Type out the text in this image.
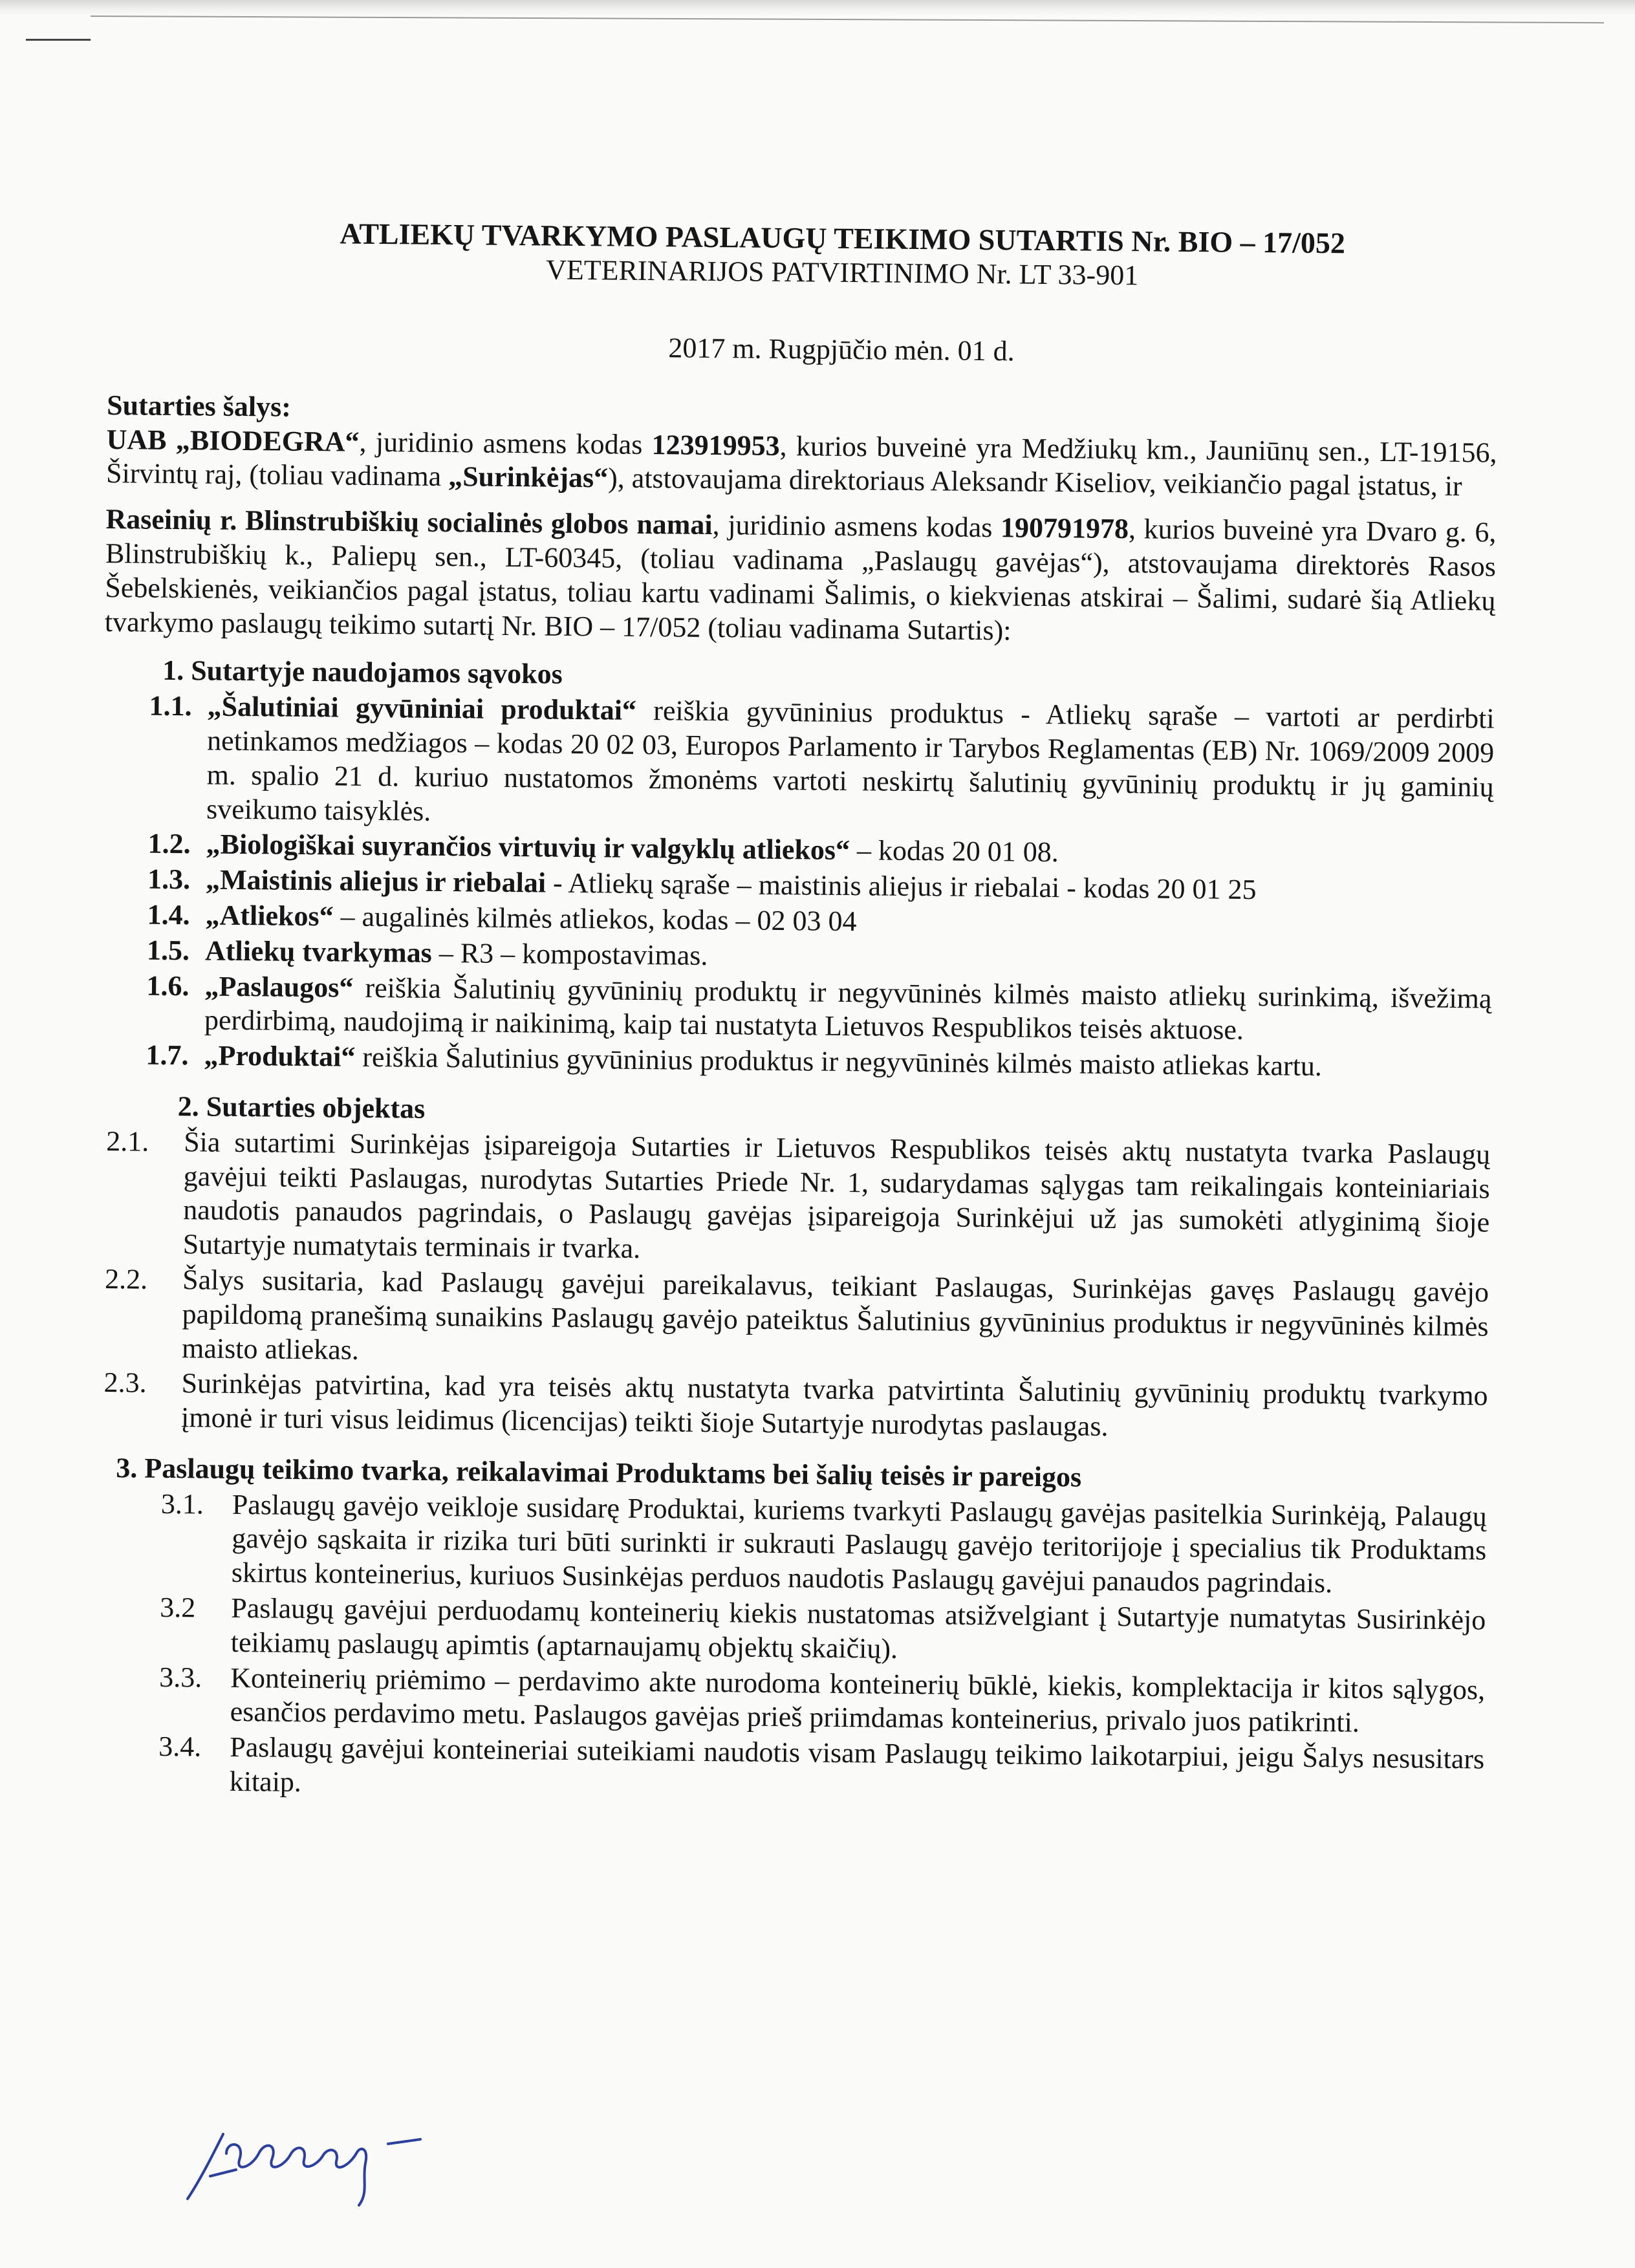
ATLIEKŲ TVARKYMO PASLAUGŲ TEIKIMO SUTARTIS Nr. BIO – 17/052
VETERINARIJOS PATVIRTINIMO Nr. LT 33-901
2017 m. Rugpjūčio mėn. 01 d.
Sutarties šalys:

UAB „BIODEGRA“, juridinio asmens kodas 123919953, kurios buveinė yra Medžiukų km., Jauniūnų sen., LT-19156, Širvintų raj, (toliau vadinama „Surinkėjas“), atstovaujama direktoriaus Aleksandr Kiseliov, veikiančio pagal įstatus, ir

Raseinių r. Blinstrubiškių socialinės globos namai, juridinio asmens kodas 190791978, kurios buveinė yra Dvaro g. 6, Blinstrubiškių k., Paliepų sen., LT-60345, (toliau vadinama „Paslaugų gavėjas“), atstovaujama direktorės Rasos Šebelskienės, veikiančios pagal įstatus, toliau kartu vadinami Šalimis, o kiekvienas atskirai – Šalimi, sudarė šią Atliekų tvarkymo paslaugų teikimo sutartį Nr. BIO – 17/052 (toliau vadinama Sutartis):

1. Sutartyje naudojamos sąvokos
1.1. „Šalutiniai gyvūniniai produktai“ reiškia gyvūninius produktus - Atliekų sąraše – vartoti ar perdirbti netinkamos medžiagos – kodas 20 02 03, Europos Parlamento ir Tarybos Reglamentas (EB) Nr. 1069/2009 2009 m. spalio 21 d. kuriuo nustatomos žmonėms vartoti neskirtų šalutinių gyvūninių produktų ir jų gaminių sveikumo taisyklės.
1.2. „Biologiškai suyrančios virtuvių ir valgyklų atliekos“ – kodas 20 01 08.
1.3. „Maistinis aliejus ir riebalai - Atliekų sąraše – maistinis aliejus ir riebalai - kodas 20 01 25
1.4. „Atliekos“ – augalinės kilmės atliekos, kodas – 02 03 04
1.5. Atliekų tvarkymas – R3 – kompostavimas.
1.6. „Paslaugos“ reiškia Šalutinių gyvūninių produktų ir negyvūninės kilmės maisto atliekų surinkimą, išvežimą perdirbimą, naudojimą ir naikinimą, kaip tai nustatyta Lietuvos Respublikos teisės aktuose.
1.7. „Produktai“ reiškia Šalutinius gyvūninius produktus ir negyvūninės kilmės maisto atliekas kartu.
2. Sutarties objektas
2.1.	Šia sutartimi Surinkėjas įsipareigoja Sutarties ir Lietuvos Respublikos teisės aktų nustatyta tvarka Paslaugų gavėjui teikti Paslaugas, nurodytas Sutarties Priede Nr. 1, sudarydamas sąlygas tam reikalingais konteiniariais naudotis panaudos pagrindais, o Paslaugų gavėjas įsipareigoja Surinkėjui už jas sumokėti atlyginimą šioje Sutartyje numatytais terminais ir tvarka.
2.2.	Šalys susitaria, kad Paslaugų gavėjui pareikalavus, teikiant Paslaugas, Surinkėjas gavęs Paslaugų gavėjo papildomą pranešimą sunaikins Paslaugų gavėjo pateiktus Šalutinius gyvūninius produktus ir negyvūninės kilmės maisto atliekas.
2.3.	Surinkėjas patvirtina, kad yra teisės aktų nustatyta tvarka patvirtinta Šalutinių gyvūninių produktų tvarkymo įmonė ir turi visus leidimus (licencijas) teikti šioje Sutartyje nurodytas paslaugas.
3. Paslaugų teikimo tvarka, reikalavimai Produktams bei šalių teisės ir pareigos
3.1. Paslaugų gavėjo veikloje susidarę Produktai, kuriems tvarkyti Paslaugų gavėjas pasitelkia Surinkėją, Palaugų gavėjo sąskaita ir rizika turi būti surinkti ir sukrauti Paslaugų gavėjo teritorijoje į specialius tik Produktams skirtus konteinerius, kuriuos Susinkėjas perduos naudotis Paslaugų gavėjui panaudos pagrindais.
3.2	Paslaugų gavėjui perduodamų konteinerių kiekis nustatomas atsižvelgiant į Sutartyje numatytas Susirinkėjo teikiamų paslaugų apimtis (aptarnaujamų objektų skaičių).
3.3. Konteinerių priėmimo – perdavimo akte nurodoma konteinerių būklė, kiekis, komplektacija ir kitos sąlygos, esančios perdavimo metu. Paslaugos gavėjas prieš priimdamas konteinerius, privalo juos patikrinti.
3.4. Paslaugų gavėjui konteineriai suteikiami naudotis visam Paslaugų teikimo laikotarpiui, jeigu Šalys nesusitars kitaip.
